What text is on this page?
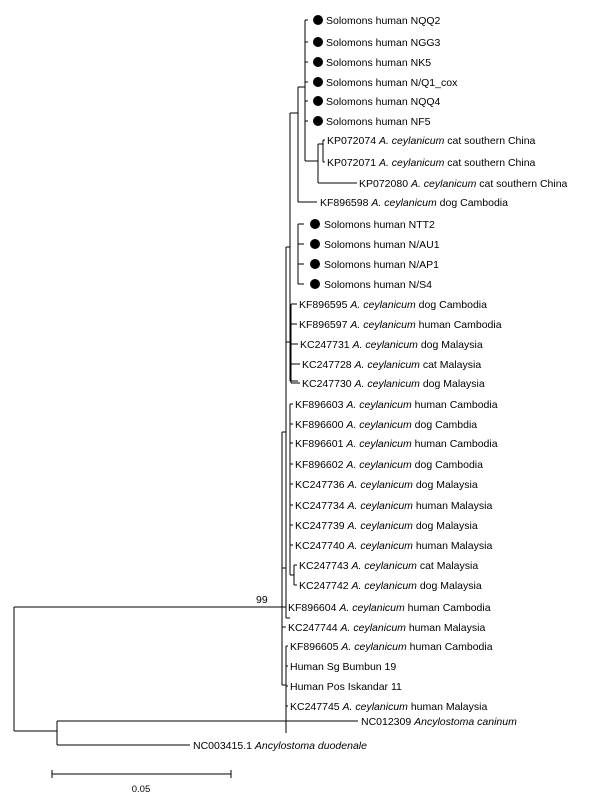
99
Solomons human NQQ2
Solomons human NGG3
Solomons human NK5
Solomons human N/Q1_cox
Solomons human NQQ4
Solomons human NF5
KP072074 A. ceylanicum cat southern China
KP072071 A. ceylanicum cat southern China
KP072080 A. ceylanicum cat southern China
KF896598 A. ceylanicum dog Cambodia
Solomons human NTT2
Solomons human N/AU1
Solomons human N/AP1
Solomons human N/S4
KF896595 A. ceylanicum dog Cambodia
KF896597 A. ceylanicum human Cambodia
KC247731 A. ceylanicum dog Malaysia
KC247728 A. ceylanicum cat Malaysia
KC247730 A. ceylanicum dog Malaysia
KF896603 A. ceylanicum human Cambodia
KF896600 A. ceylanicum dog Cambdia
KF896601 A. ceylanicum human Cambodia
KF896602 A. ceylanicum dog Cambodia
KC247736 A. ceylanicum dog Malaysia
KC247734 A. ceylanicum human Malaysia
KC247739 A. ceylanicum dog Malaysia
KC247740 A. ceylanicum human Malaysia
KC247743 A. ceylanicum cat Malaysia
KC247742 A. ceylanicum dog Malaysia
KF896604 A. ceylanicum human Cambodia
KC247744 A. ceylanicum human Malaysia
KF896605 A. ceylanicum human Cambodia
Human Sg Bumbun 19
Human Pos Iskandar 11
KC247745 A. ceylanicum human Malaysia
NC012309 Ancylostoma caninum
NC003415.1 Ancylostoma duodenale
0.05
